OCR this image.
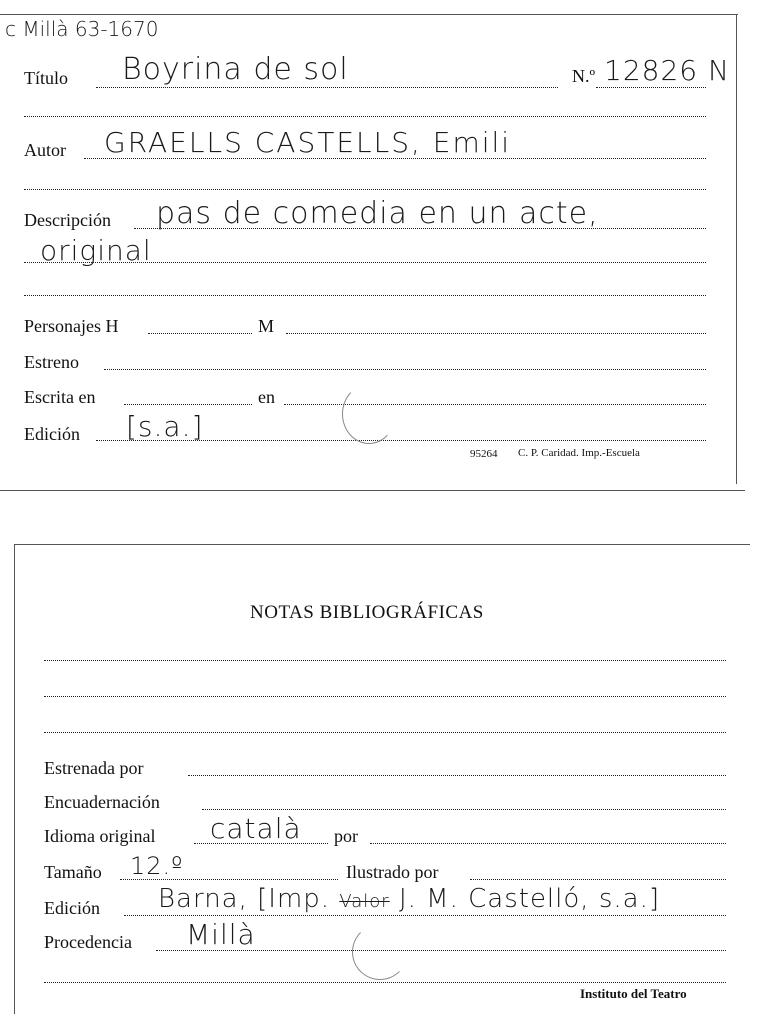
c Millà 63-1670
Título Boyrina de sol	N.º 12826 N
Autor GRAELLS CASTELLS, Emili
Descripción pas de comedia en un acte,
original
Personajes H	M
Estreno
Escrita en	en
Edición [s.a.]
95264 C. P. Caridad. Imp.-Escuela
NOTAS BIBLIOGRÁFICAS
Estrenada por
Encuadernación
Idioma original català por
Tamaño 12.º	Ilustrado por
Edición Barna, [Imp. Valor J. M. Castelló, s.a.]
Procedencia Millà
Instituto del Teatro
